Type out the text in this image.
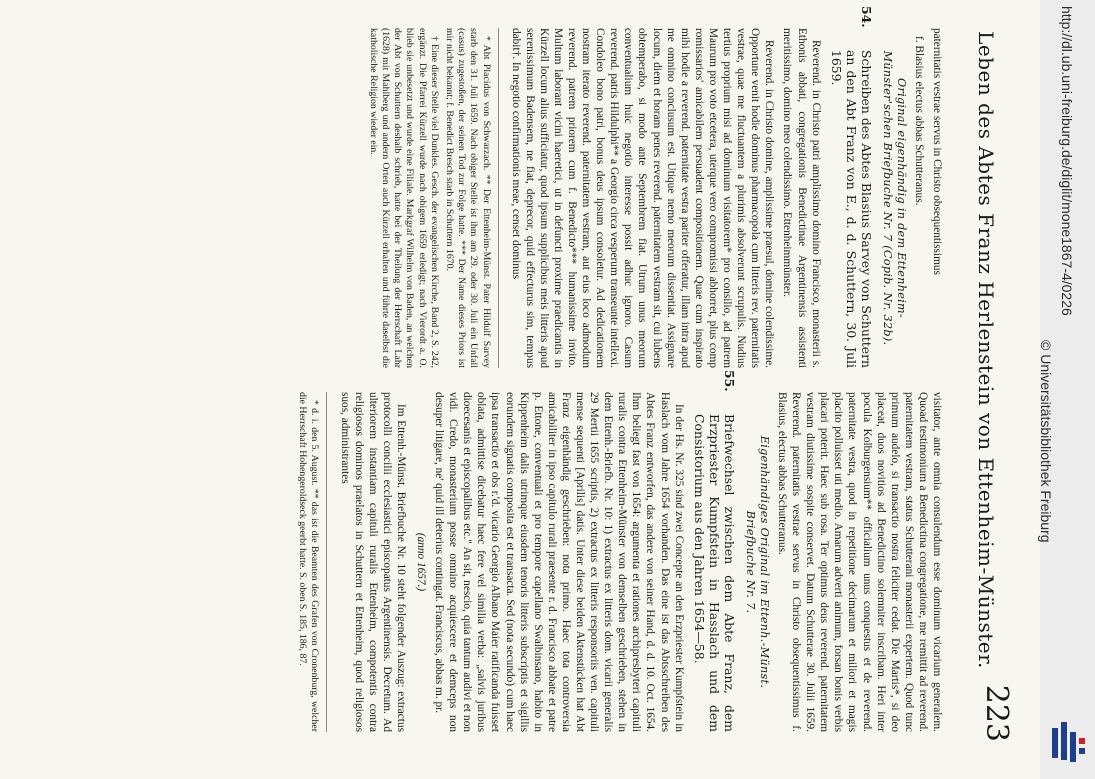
Leben des Abtes Franz Herlenstein von Ettenheim-Münster.
223

paternitatis vestrae servus in Christo obsequentissimus

f. Blasius electus abbas Schutteranus.

Original eigenhändig in dem Ettenheim-Münster'schen Briefbuche Nr. 7 (Copib. Nr. 32b).

54.Schreiben des Abtes Blasius Sarvey von Schuttern an den Abt Franz von E., d. d. Schuttern, 30. Juli 1659.

Reverend. in Christo patri amplissimo domino Francisco, monasterii s. Ethonis abbati, congregationis Benedictinae Argentinensis assistenti meritissimo, domino meo colendissimo. Ettenheimmünster.

Reverend. in Christo domine, amplissime praesul, domine colendissime. Opportune venit hodie dominus pharmacopola cum litteris rev. paternitatis vestrae, quae me fluctuantem a plurimis absolverunt scrupulis. Nudius tertius proprium misi ad dominum visitatorem* pro consilio, ad patrem Maurum pro voto etcetera, uterque vero compromissi abhorret, plus comp romissarios' amicabilem persuadent compositionem. Quae cum inspirato mihi hodie a reverend. paternitate vestra pariter offeratur, illam intra apud me omnino conclusum est. Utique nemo meorum dissentiat. Assignare locum, diem et horam penes reverend. paternitatem vestram sit, cui lubens obtemperabo, si modo ante Septembrem fiat. Utrum unus meorum conventualium huic negotio interesse possit adhuc ignoro. Casum reverend. patris Hildulphi** a Georgio circa vesperum transeunte intellexi. Condoleo bono patri, bonus deus ipsum consoletur. Ad dedicationem nostram iterato reverend. paternitatem vestram, aut eius loco admodum reverend. patrem priorem cum f. Benedicto*** humanissime invito. Multum laborant vicini haeretici, ut in defuncti proxime praedicantis in Kürzell locum alius sufficiatur, quod ipsum supplicibus meis litteris apud serenissimum Badensem, ne fiat, deprecor, quid effecturus sim, tempus dabit†. In negotio confirmationis meae, censet dominus

* Abt Placidus von Schwarzach. ** Der Ettenheim-Münst. Pater Hildulf Sarvey starb den 31. Juli 1659. Nach obiger Stelle ist ihm am 29. oder 30. Juli ein Unfall (casus) zugestoßen, der seinen Tod zur Folge hatte. *** Der Name dieses Priors ist mir nicht bekannt; f. Benedict Bresch starb in Schuttern 1670.

† Eine dieser Stelle viel Dunkles. Gesch. der evangelischen Kirche, Band 2, S. 242, ergänzt. Die Pfarrei Kürzell wurde nach obigem 1659 erledigt; nach Vierordt a. O. blieb sie unbesetzt und wurde eine Filiale. Markgraf Wilhelm von Baden, an welchen der Abt von Schuttern deshalb schrieb, hatte bei der Theilung der Herrschaft Lahr (1628) mit Mahlberg und andern Orten auch Kürzell erhalten und führte daselbst die katholische Religion wieder ein.

visitator, ante omnia consulendum esse dominum vicarium generalem. Quoad testimonium a Benedictina congregatione, me remittit ad reverend. paternitatem vestram, status Schutterani monasterii expertem. Quod tunc primum audelo, si transactio nostra feliciter cedat. Die Martis*, si deo placeat, duos novitios ad Benedictino solemniter inscribam. Heri inter pocula Kolburgensium** officialium unus conquestus et de reverend. paternitate vestra, quod in repetitione decimarum et miliori et magis placito polluisset uti medio. Amarum adverti animum, forsan bonis verbis placari poterit. Haec sub rosa. Ter optimus deus reverend. paternitatem vestram diutissime sospite conservet. Datum Schutterae 30. Julii 1659. Reverend. paternitatis vestrae servus in Christo obsequentissimus f. Blasius, electus abbas Schutteranus.

Eigenhändiges Original im Ettenh.-Münst. Briefbuche Nr. 7.

55.Briefwechsel zwischen dem Abte Franz, dem Erzpriester Kumpfstein in Hasslach und dem Consistorium aus den Jahren 1654—58.

In der Hs. Nr. 325 sind zwei Concepte an den Erzpriester Kumpfstein in Haslach vom Jahre 1654 vorhanden. Das eine ist das Abtsschreiben des Abtes Franz entworfen, das andere von seiner Hand, d. d. 10. Oct. 1654. Ihm beliegt fast von 1654: argumenta et rationes archipresbyteri capituli ruralis contra Ettenheim-Münster von demselben geschrieben, stehen in dem Ettenh.-Briefb. Nr. 10: 1) extractus ex litteris dom. vicarii generalis 29 Mertii 1655 scriptis, 2) extractus ex litteris responsoriis ven. capituli mense sequenti [Aprilis] datis. Unter diese beiden Aktenstücken hat Abt Franz eigenhändig geschrieben: nota primo. Haec tota controversia amicabiliter in ipso capitulo rurali praesente r. d. Francisco abbate et patre p. Ettone, conventuali et pro tempore capellano Swalbinsano, habito in Kippenheim dalis utrimque eiusdem tenoris litteris subscriptis et sigillis eorundem signatis composita est et transacta. Sed (nota secundo) cum haec ipsa transactio et obs r.'d. vicario Georgio Albano Maier ratificanda fuisset oblata, admittise dicebatur haec fere vel similia verba: „salvis juribus dioecesanis et episcopalibus etc." An sit, nescio, quia tantum audivi et non vidi. Credo, monasterium posse omnino acquiescere et demceps non desuper litigare, ne' quid ill deterius contingat. Franciscus, abbas m. pr.

(anno 1657.)

Im Ettenh.-Münst. Briefbuche Nr. 10 steht folgender Auszug: extractus protocolli concilii ecclesiastici episcopatus Argentinensis. Decretum. Ad ulteriorem instantiam capituli ruralis Ettenheim, compotentis contra religiosos dominos praelatos in Schuttern et Ettenheim, quod religiosos suos, administrantes

* d. i. den 5. August. ** das ist die Beamten des Grafen von Cronenburg, welcher die Herrschaft Hohengeroldseck geerbt hatte. S. oben S. 185, 186, 87.

http://dl.ub.uni-freiburg.de/diglit/mone1867-4/0226
© Universitätsbibliothek Freiburg
